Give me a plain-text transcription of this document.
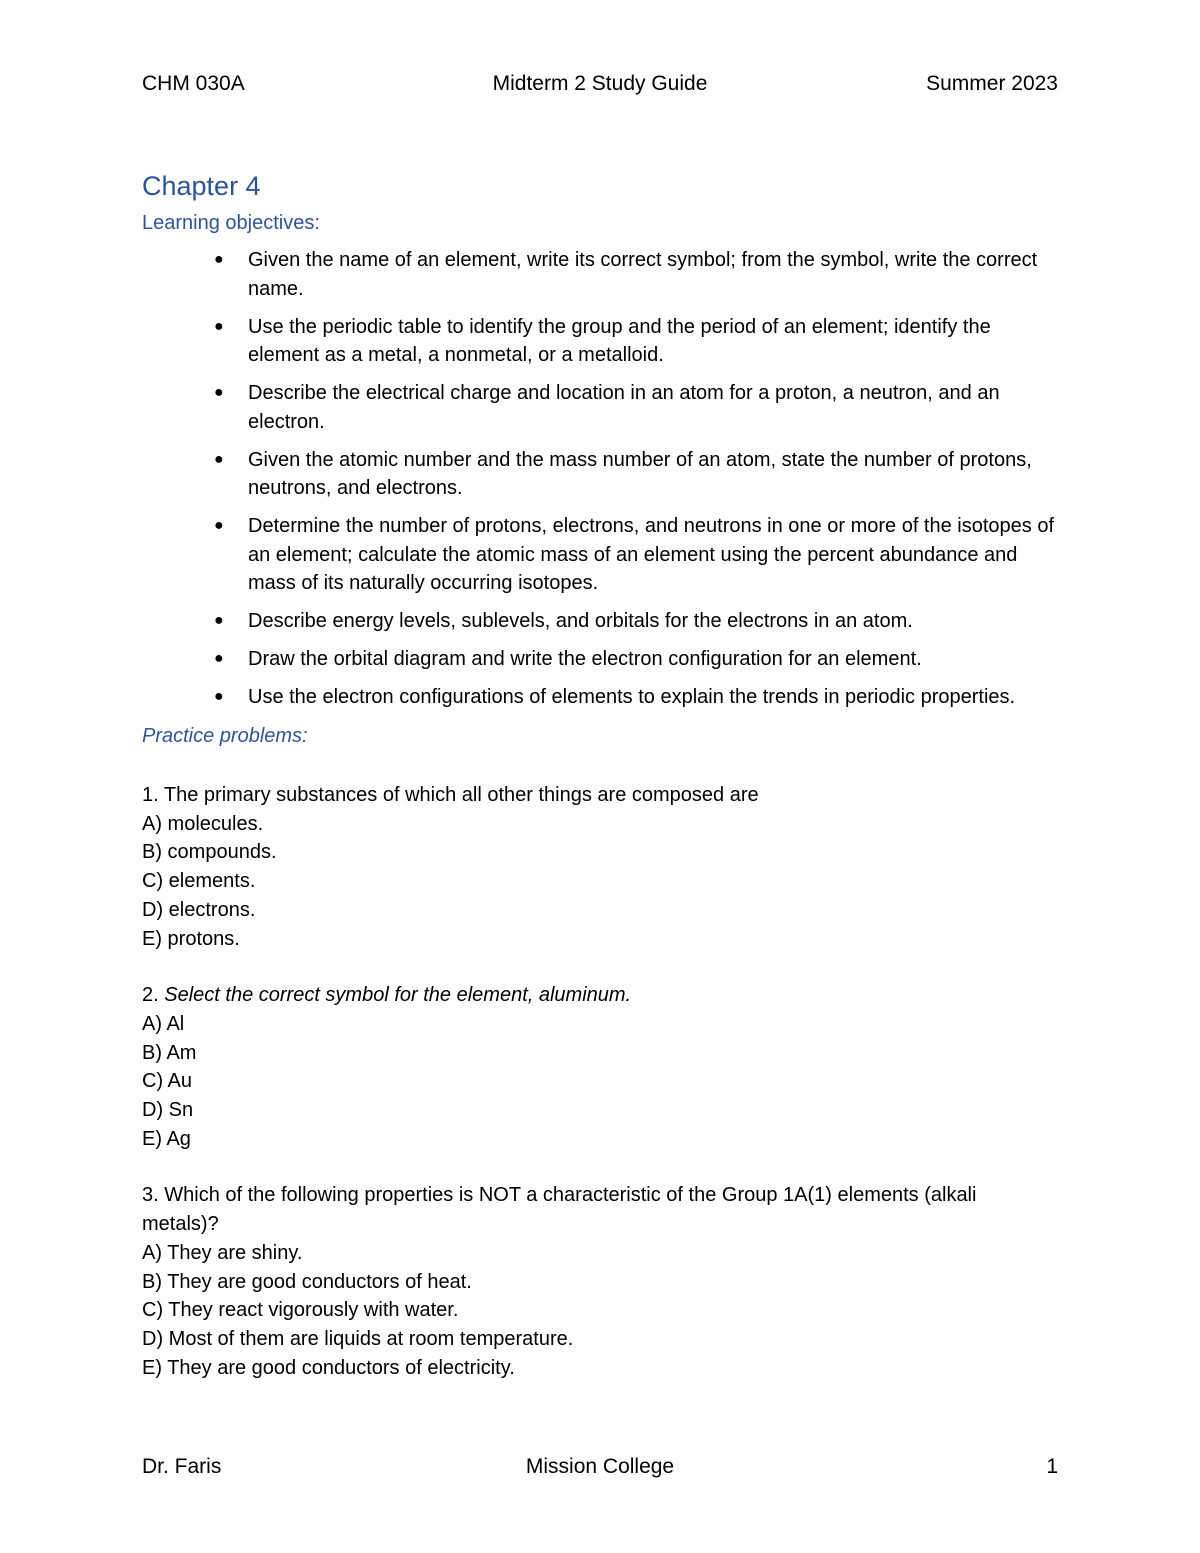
CHM 030A	Midterm 2 Study Guide	Summer 2023
Chapter 4
Learning objectives:
● Given the name of an element, write its correct symbol; from the symbol, write the correct name.
● Use the periodic table to identify the group and the period of an element; identify the element as a metal, a nonmetal, or a metalloid.
● Describe the electrical charge and location in an atom for a proton, a neutron, and an electron.
● Given the atomic number and the mass number of an atom, state the number of protons, neutrons, and electrons.
● Determine the number of protons, electrons, and neutrons in one or more of the isotopes of an element; calculate the atomic mass of an element using the percent abundance and mass of its naturally occurring isotopes.
● Describe energy levels, sublevels, and orbitals for the electrons in an atom.
● Draw the orbital diagram and write the electron configuration for an element.
● Use the electron configurations of elements to explain the trends in periodic properties.
Practice problems:

1. The primary substances of which all other things are composed are

A) molecules.

B) compounds.

C) elements.

D) electrons.

E) protons.

2. Select the correct symbol for the element, aluminum.

A) Al

B) Am

C) Au

D) Sn

E) Ag

3. Which of the following properties is NOT a characteristic of the Group 1A(1) elements (alkali metals)?

A) They are shiny.

B) They are good conductors of heat.

C) They react vigorously with water.

D) Most of them are liquids at room temperature.

E) They are good conductors of electricity.

Dr. Faris	Mission College	1
